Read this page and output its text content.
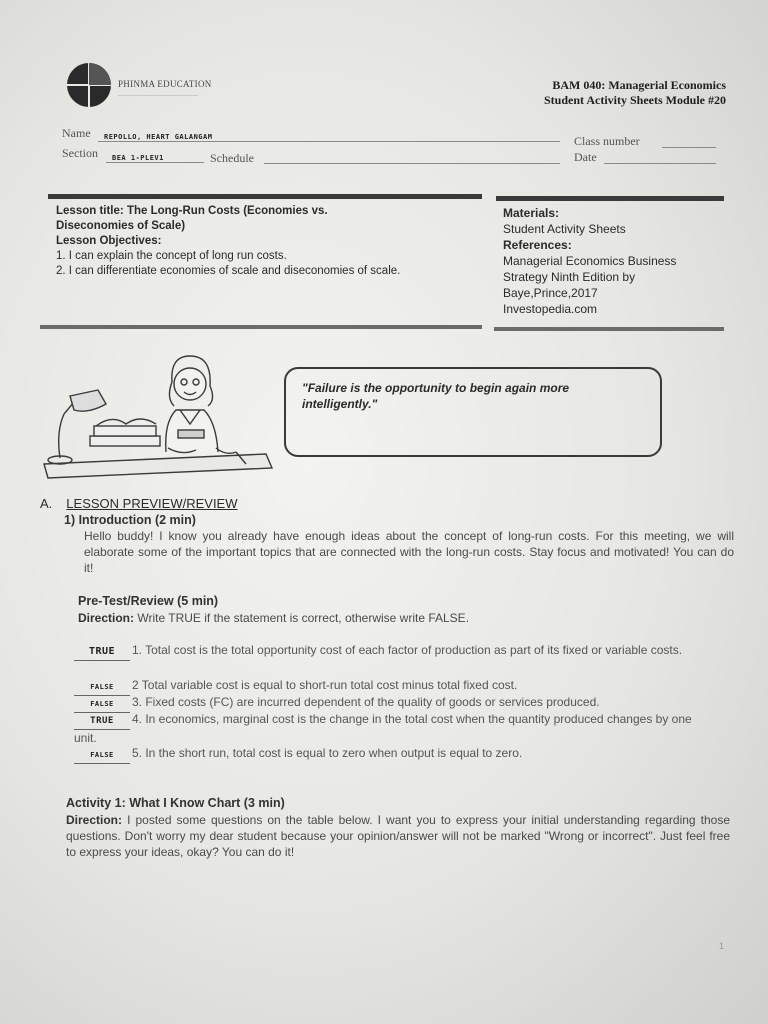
PHINMA EDUCATION
————————————————————
BAM 040: Managerial Economics
Student Activity Sheets Module #20
Name REPOLLO, HEART GALANGAM
Section BEA 1-PLEV1	Schedule
Class number
Date
Lesson title: The Long-Run Costs (Economies vs.
Diseconomies of Scale)
Lesson Objectives:
1. I can explain the concept of long run costs.
2. I can differentiate economies of scale and diseconomies of scale.
Materials:
Student Activity Sheets
References:
Managerial Economics Business
Strategy Ninth Edition by
Baye,Prince,2017
Investopedia.com
"Failure is the opportunity to begin again more intelligently."
A. LESSON PREVIEW/REVIEW
1) Introduction (2 min)
Hello buddy! I know you already have enough ideas about the concept of long-run costs. For this meeting, we will elaborate some of the important topics that are connected with the long-run costs. Stay focus and motivated! You can do it!
Pre-Test/Review (5 min)
Direction: Write TRUE if the statement is correct, otherwise write FALSE.
TRUE 1. Total cost is the total opportunity cost of each factor of production as part of its fixed or variable costs.
FALSE 2 Total variable cost is equal to short-run total cost minus total fixed cost.
FALSE 3. Fixed costs (FC) are incurred dependent of the quality of goods or services produced.
TRUE 4. In economics, marginal cost is the change in the total cost when the quantity produced changes by one unit.
FALSE 5. In the short run, total cost is equal to zero when output is equal to zero.
Activity 1: What I Know Chart (3 min)
Direction: I posted some questions on the table below. I want you to express your initial understanding regarding those questions. Don't worry my dear student because your opinion/answer will not be marked "Wrong or incorrect". Just feel free to express your ideas, okay? You can do it!
1
